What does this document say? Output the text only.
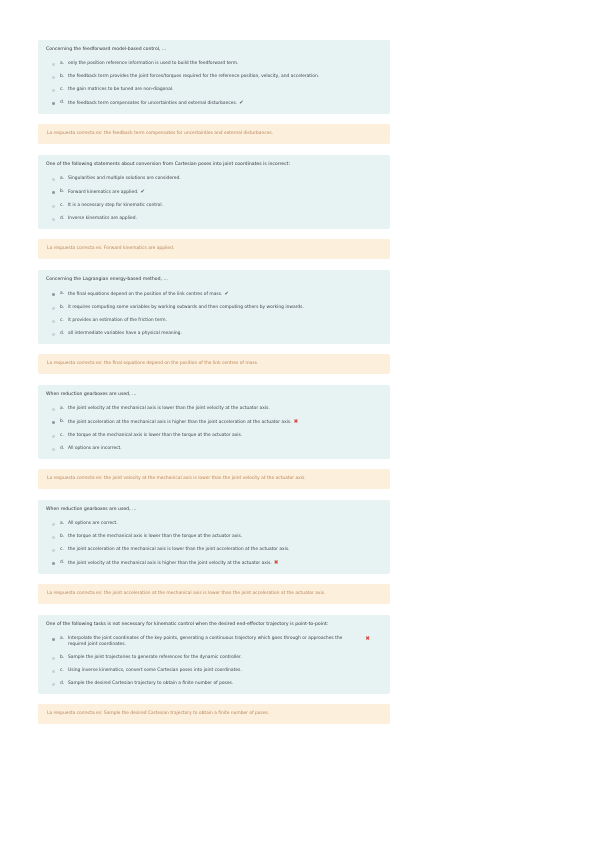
Concerning the feedforward model-based control, ...
a. only the position reference information is used to build the feedforward term.
b. the feedback term provides the joint forces/torques required for the reference position, velocity, and acceleration.
c. the gain matrices to be tuned are non-diagonal.
d. the feedback term compensates for uncertainties and external disturbances. ✔
La respuesta correcta es: the feedback term compensates for uncertainties and external disturbances.
One of the following statements about conversion from Cartesian poses into joint coordinates is incorrect:
a. Singularities and multiple solutions are considered.
b. Forward kinematics are applied. ✔
c. It is a necessary step for kinematic control.
d. Inverse kinematics are applied.
La respuesta correcta es: Forward kinematics are applied.
Concerning the Lagrangian energy-based method, ...
a. the final equations depend on the position of the link centres of mass. ✔
b. it requires computing some variables by working outwards and then computing others by working inwards.
c. it provides an estimation of the friction term.
d. all intermediate variables have a physical meaning.
La respuesta correcta es: the final equations depend on the position of the link centres of mass.
When reduction gearboxes are used, ...
a. the joint velocity at the mechanical axis is lower than the joint velocity at the actuator axis.
b. the joint acceleration at the mechanical axis is higher than the joint acceleration at the actuator axis. ✖
c. the torque at the mechanical axis is lower than the torque at the actuator axis.
d. All options are incorrect.
La respuesta correcta es: the joint velocity at the mechanical axis is lower than the joint velocity at the actuator axis.
When reduction gearboxes are used, ...
a. All options are correct.
b. the torque at the mechanical axis is lower than the torque at the actuator axis.
c. the joint acceleration at the mechanical axis is lower than the joint acceleration at the actuator axis.
d. the joint velocity at the mechanical axis is higher than the joint velocity at the actuator axis. ✖
La respuesta correcta es: the joint acceleration at the mechanical axis is lower than the joint acceleration at the actuator axis.
One of the following tasks is not necessary for kinematic control when the desired end-effector trajectory is point-to-point:
a. Interpolate the joint coordinates of the key points, generating a continuous trajectory which goes through or approaches the required joint coordinates.
✖
b. Sample the joint trajectories to generate references for the dynamic controller.
c. Using inverse kinematics, convert some Cartesian poses into joint coordinates.
d. Sample the desired Cartesian trajectory to obtain a finite number of poses.
La respuesta correcta es: Sample the desired Cartesian trajectory to obtain a finite number of poses.
